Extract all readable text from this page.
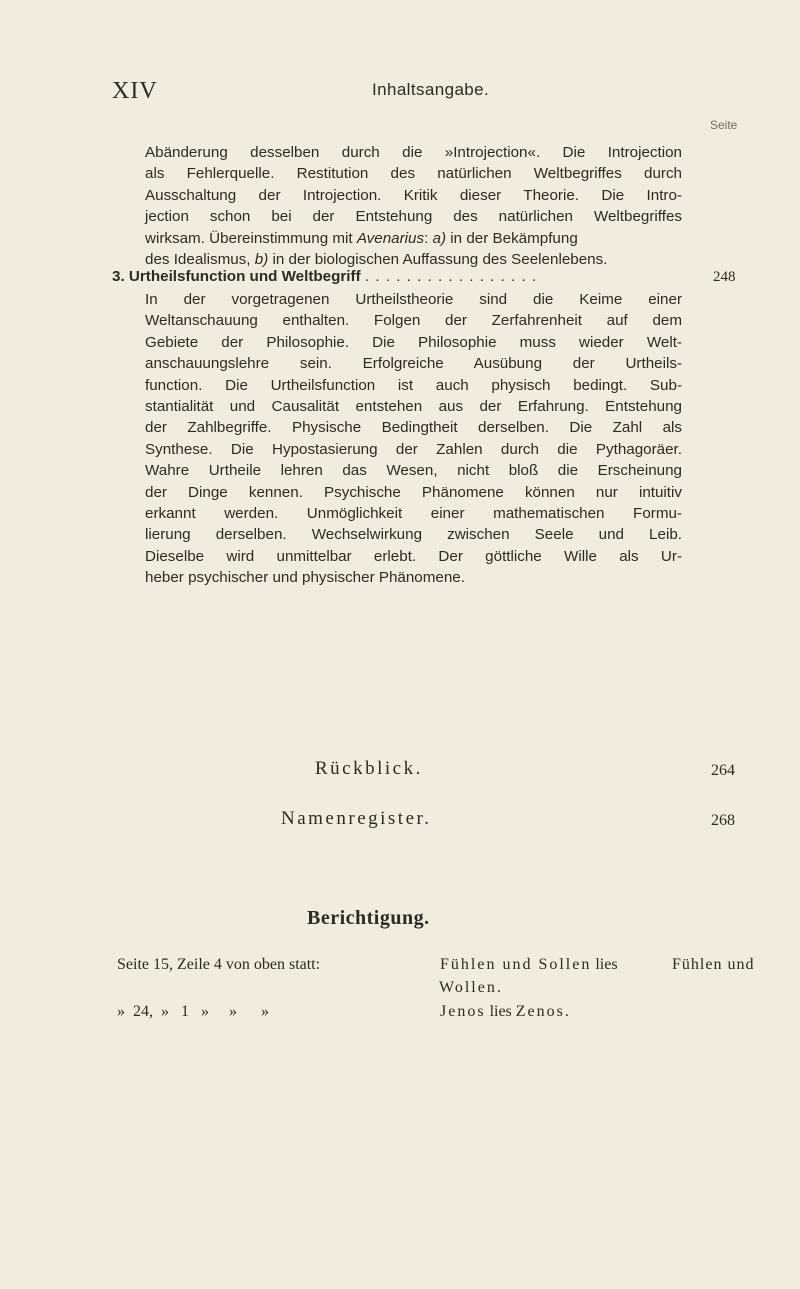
XIV	Inhaltsangabe.
Seite
Abänderung desselben durch die »Introjection«. Die Introjection
als Fehlerquelle. Restitution des natürlichen Weltbegriffes durch
Ausschaltung der Introjection. Kritik dieser Theorie. Die Intro-
jection schon bei der Entstehung des natürlichen Weltbegriffes
wirksam. Übereinstimmung mit Avenarius: a) in der Bekämpfung
des Idealismus, b) in der biologischen Auffassung des Seelenlebens.
3. Urtheilsfunction und Weltbegriff . . . . . . . . . . . . . . . . .	248
In der vorgetragenen Urtheilstheorie sind die Keime einer
Weltanschauung enthalten. Folgen der Zerfahrenheit auf dem
Gebiete der Philosophie. Die Philosophie muss wieder Welt-
anschauungslehre sein. Erfolgreiche Ausübung der Urtheils-
function. Die Urtheilsfunction ist auch physisch bedingt. Sub-
stantialität und Causalität entstehen aus der Erfahrung. Entstehung
der Zahlbegriffe. Physische Bedingtheit derselben. Die Zahl als
Synthese. Die Hypostasierung der Zahlen durch die Pythagoräer.
Wahre Urtheile lehren das Wesen, nicht bloß die Erscheinung
der Dinge kennen. Psychische Phänomene können nur intuitiv
erkannt werden. Unmöglichkeit einer mathematischen Formu-
lierung derselben. Wechselwirkung zwischen Seele und Leib.
Dieselbe wird unmittelbar erlebt. Der göttliche Wille als Ur-
heber psychischer und physischer Phänomene.
Rückblick.	264
Namenregister.	268
Berichtigung.
Seite 15, Zeile 4 von oben statt:	Fühlen und Sollen lies	Fühlen und
Wollen.
»  24,  »   1   »     »      »	Jenos lies Zenos.
